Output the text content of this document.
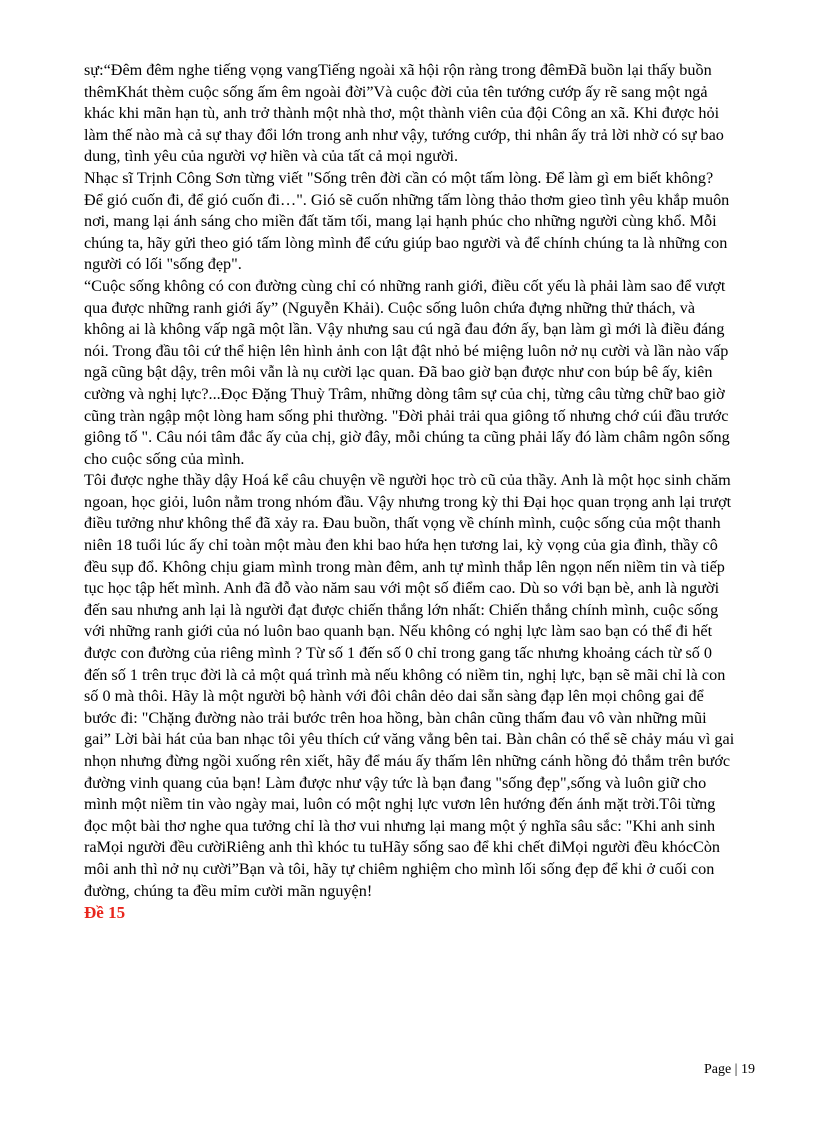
sự:“Đêm đêm nghe tiếng vọng vangTiếng ngoài xã hội rộn ràng trong đêmĐã buồn lại thấy buồn thêmKhát thèm cuộc sống ấm êm ngoài đời”Và cuộc đời của tên tướng cướp ấy rẽ sang một ngả khác khi mãn hạn tù, anh trở thành một nhà thơ, một thành viên của đội Công an xã. Khi được hỏi làm thế nào mà cả sự thay đổi lớn trong anh như vậy, tướng cướp, thi nhân ấy trả lời nhờ có sự bao dung, tình yêu của người vợ hiền và của tất cả mọi người.

Nhạc sĩ Trịnh Công Sơn từng viết "Sống trên đời cần có một tấm lòng. Để làm gì em biết không? Để gió cuốn đi, để gió cuốn đi…". Gió sẽ cuốn những tấm lòng thảo thơm gieo tình yêu khắp muôn nơi, mang lại ánh sáng cho miền đất tăm tối, mang lại hạnh phúc cho những người cùng khổ. Mỗi chúng ta, hãy gửi theo gió tấm lòng mình để cứu giúp bao người và để chính chúng ta là những con người có lối "sống đẹp".

“Cuộc sống không có con đường cùng chỉ có những ranh giới, điều cốt yếu là phải làm sao để vượt qua được những ranh giới ấy” (Nguyễn Khải). Cuộc sống luôn chứa đựng những thử thách, và không ai là không vấp ngã một lần. Vậy nhưng sau cú ngã đau đớn ấy, bạn làm gì mới là điều đáng nói. Trong đầu tôi cứ thể hiện lên hình ảnh con lật đật nhỏ bé miệng luôn nở nụ cười và lần nào vấp ngã cũng bật dậy, trên môi vẫn là nụ cười lạc quan. Đã bao giờ bạn được như con búp bê ấy, kiên cường và nghị lực?...Đọc Đặng Thuỳ Trâm, những dòng tâm sự của chị, từng câu từng chữ bao giờ cũng tràn ngập một lòng ham sống phi thường. "Đời phải trải qua giông tố nhưng chớ cúi đầu trước giông tố ". Câu nói tâm đắc ấy của chị, giờ đây, mỗi chúng ta cũng phải lấy đó làm châm ngôn sống cho cuộc sống của mình.

Tôi được nghe thầy dậy Hoá kể câu chuyện về người học trò cũ của thầy. Anh là một học sinh chăm ngoan, học giỏi, luôn nằm trong nhóm đầu. Vậy nhưng trong kỳ thi Đại học quan trọng anh lại trượt điều tưởng như không thể đã xảy ra. Đau buồn, thất vọng về chính mình, cuộc sống của một thanh niên 18 tuổi lúc ấy chỉ toàn một màu đen khi bao hứa hẹn tương lai, kỳ vọng của gia đình, thầy cô đều sụp đổ. Không chịu giam mình trong màn đêm, anh tự mình thắp lên ngọn nến niềm tin và tiếp tục học tập hết mình. Anh đã đỗ vào năm sau với một số điểm cao. Dù so với bạn bè, anh là người đến sau nhưng anh lại là người đạt được chiến thắng lớn nhất: Chiến thắng chính mình, cuộc sống với những ranh giới của nó luôn bao quanh bạn. Nếu không có nghị lực làm sao bạn có thể đi hết được con đường của riêng mình ? Từ số 1 đến số 0 chỉ trong gang tấc nhưng khoảng cách từ số 0 đến số 1 trên trục đời là cả một quá trình mà nếu không có niềm tin, nghị lực, bạn sẽ mãi chỉ là con số 0 mà thôi. Hãy là một người bộ hành với đôi chân dẻo dai sẵn sàng đạp lên mọi chông gai để bước đi: "Chặng đường nào trải bước trên hoa hồng, bàn chân cũng thấm đau vô vàn những mũi gai” Lời bài hát của ban nhạc tôi yêu thích cứ văng vẳng bên tai. Bàn chân có thể sẽ chảy máu vì gai nhọn nhưng đừng ngồi xuống rên xiết, hãy để máu ấy thấm lên những cánh hồng đỏ thắm trên bước đường vinh quang của bạn! Làm được như vậy tức là bạn đang "sống đẹp",sống và luôn giữ cho mình một niềm tin vào ngày mai, luôn có một nghị lực vươn lên hướng đến ánh mặt trời.Tôi từng đọc một bài thơ nghe qua tưởng chỉ là thơ vui nhưng lại mang một ý nghĩa sâu sắc: "Khi anh sinh raMọi người đều cườiRiêng anh thì khóc tu tuHãy sống sao để khi chết điMọi người đều khócCòn môi anh thì nở nụ cười”Bạn và tôi, hãy tự chiêm nghiệm cho mình lối sống đẹp để khi ở cuối con đường, chúng ta đều mỉm cười mãn nguyện!

Đề 15

Page | 19
